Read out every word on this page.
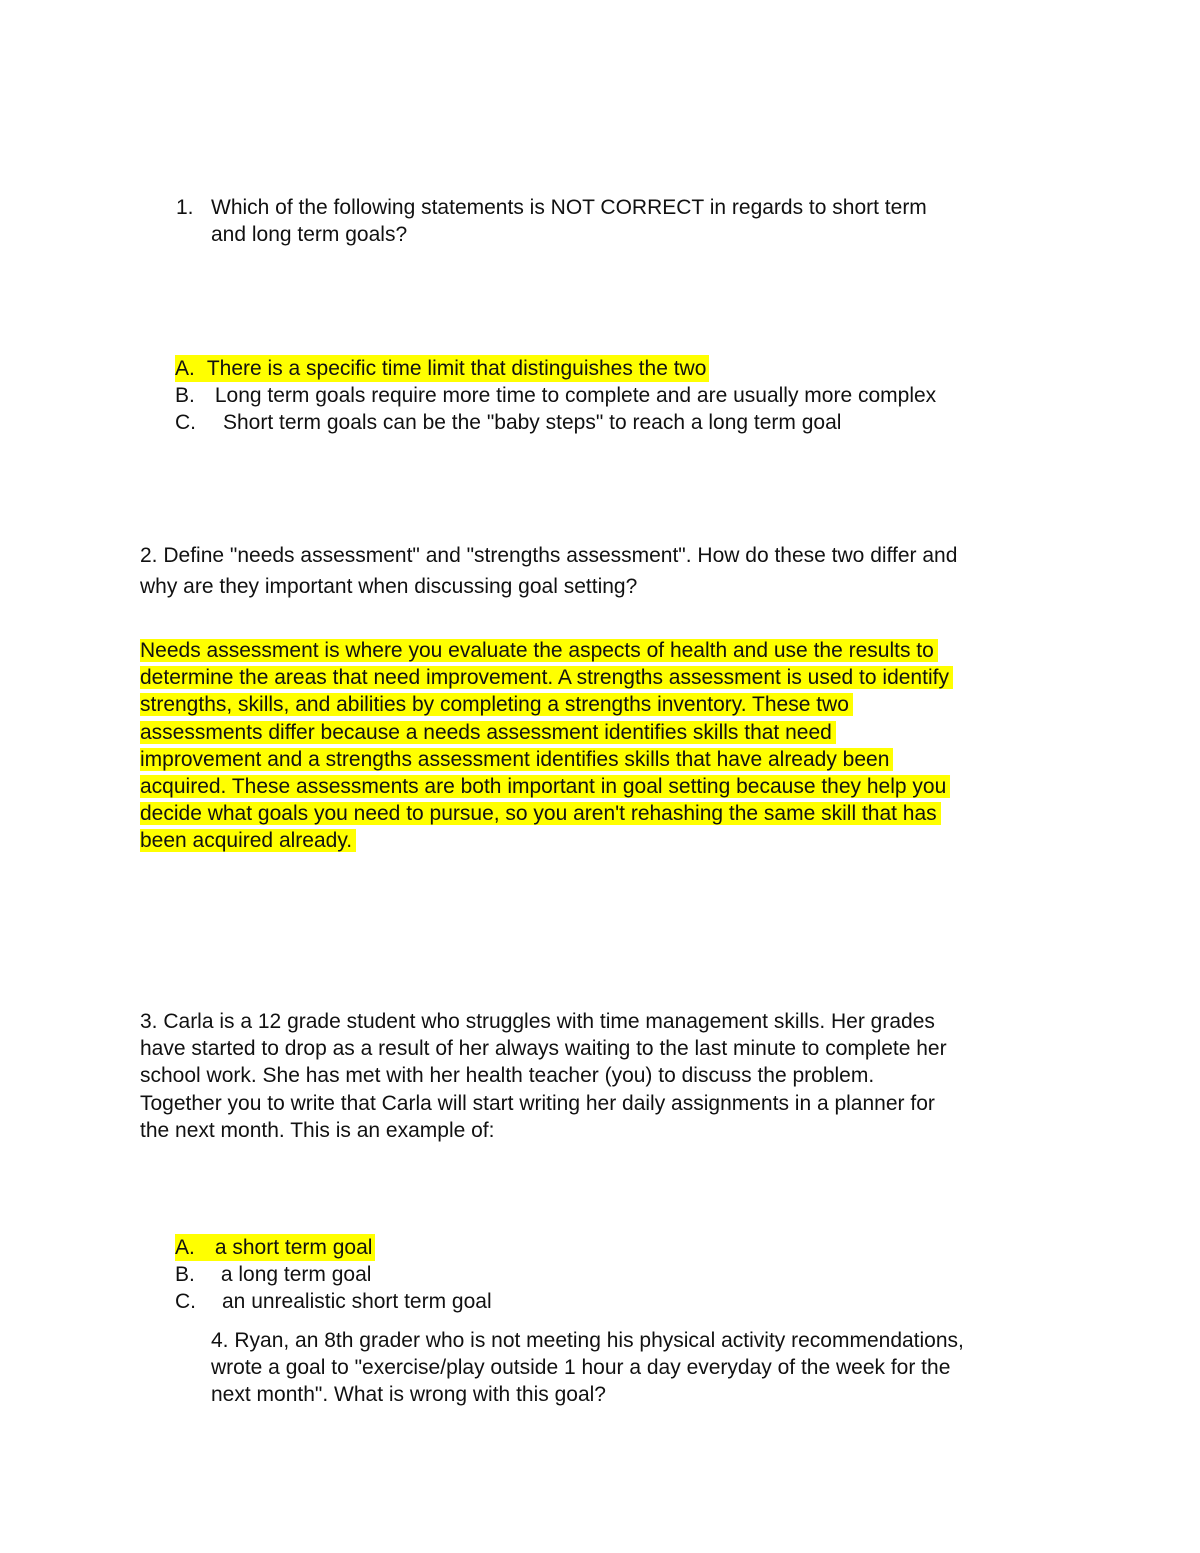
1. Which of the following statements is NOT CORRECT in regards to short term
and long term goals?
A. There is a specific time limit that distinguishes the two
B. Long term goals require more time to complete and are usually more complex
C. Short term goals can be the "baby steps" to reach a long term goal
2. Define "needs assessment" and "strengths assessment". How do these two differ and
why are they important when discussing goal setting?
Needs assessment is where you evaluate the aspects of health and use the results to
determine the areas that need improvement. A strengths assessment is used to identify
strengths, skills, and abilities by completing a strengths inventory. These two
assessments differ because a needs assessment identifies skills that need
improvement and a strengths assessment identifies skills that have already been
acquired. These assessments are both important in goal setting because they help you
decide what goals you need to pursue, so you aren't rehashing the same skill that has
been acquired already.
3. Carla is a 12 grade student who struggles with time management skills. Her grades
have started to drop as a result of her always waiting to the last minute to complete her
school work. She has met with her health teacher (you) to discuss the problem.
Together you to write that Carla will start writing her daily assignments in a planner for
the next month. This is an example of:
A. a short term goal
B. a long term goal
C. an unrealistic short term goal
4. Ryan, an 8th grader who is not meeting his physical activity recommendations,
wrote a goal to "exercise/play outside 1 hour a day everyday of the week for the
next month". What is wrong with this goal?
